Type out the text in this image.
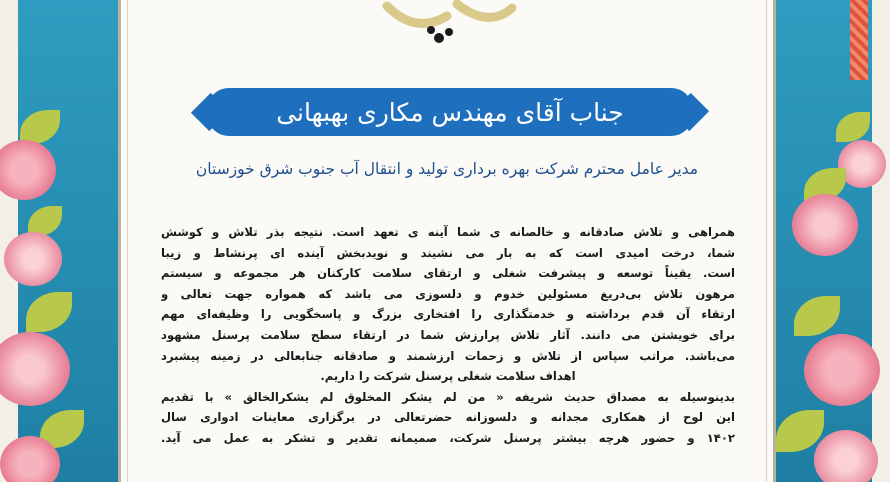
جناب آقای مهندس مکاری بهبهانی
مدیر عامل محترم شرکت بهره برداری تولید و انتقال آب جنوب شرق خوزستان
همراهی و تلاش صادقانه و خالصانه ی شما آینه ی تعهد است. نتیجه بذر تلاش و کوشش
شما، درخت امیدی است که به بار می نشیند و نویدبخش آینده ای پرنشاط و زیبا
است. یقیناً توسعه و پیشرفت شغلی و ارتقای سلامت کارکنان هر مجموعه و سیستم
مرهون تلاش بی‌دریغ مسئولین خدوم و دلسوزی می باشد که همواره جهت تعالی و
ارتقاء آن قدم برداشته و خدمتگذاری را افتخاری بزرگ و پاسخگویی را وظیفه‌ای مهم
برای خویشتن می دانند. آثار تلاش پرارزش شما در ارتقاء سطح سلامت پرسنل مشهود
می‌باشد. مراتب سپاس از تلاش و زحمات ارزشمند و صادقانه جنابعالی در زمینه پیشبرد
اهداف سلامت شغلی پرسنل شرکت را داریم.
بدینوسیله به مصداق حدیث شریفه « من لم یشکر المخلوق لم یشکرالخالق » با تقدیم
این لوح از همکاری مجدانه و دلسوزانه حضرتعالی در برگزاری معاینات ادواری سال
۱۴۰۲ و حضور هرچه بیشتر پرسنل شرکت، صمیمانه تقدیر و تشکر به عمل می آید.
